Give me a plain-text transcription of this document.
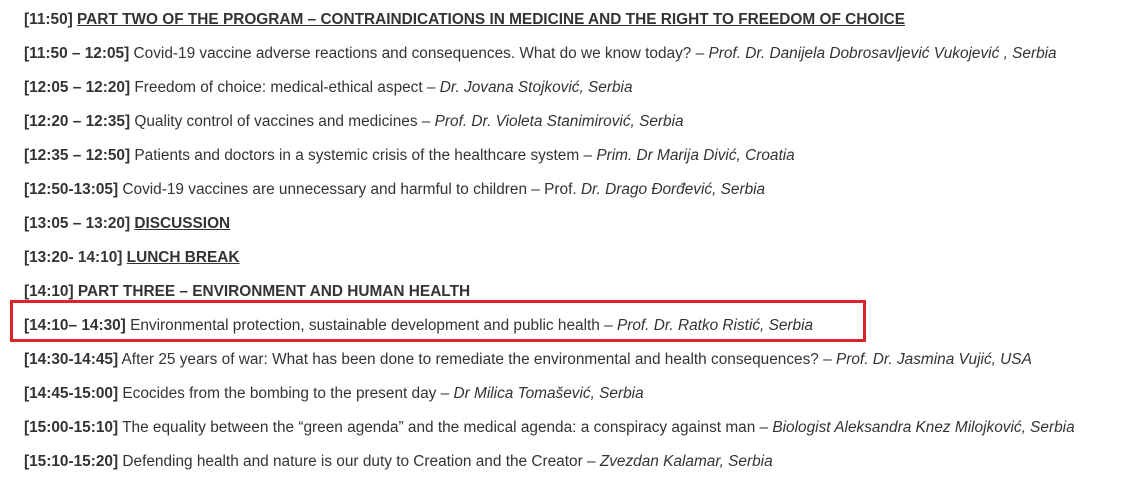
[11:50] PART TWO OF THE PROGRAM – CONTRAINDICATIONS IN MEDICINE AND THE RIGHT TO FREEDOM OF CHOICE
[11:50 – 12:05] Covid-19 vaccine adverse reactions and consequences. What do we know today? – Prof. Dr. Danijela Dobrosavljević Vukojević , Serbia
[12:05 – 12:20] Freedom of choice: medical-ethical aspect – Dr. Jovana Stojković, Serbia
[12:20 – 12:35] Quality control of vaccines and medicines – Prof. Dr. Violeta Stanimirović, Serbia
[12:35 – 12:50] Patients and doctors in a systemic crisis of the healthcare system – Prim. Dr Marija Divić, Croatia
[12:50-13:05] Covid-19 vaccines are unnecessary and harmful to children – Prof. Dr. Drago Đorđević, Serbia
[13:05 – 13:20] DISCUSSION
[13:20- 14:10] LUNCH BREAK
[14:10] PART THREE – ENVIRONMENT AND HUMAN HEALTH
[14:10– 14:30] Environmental protection, sustainable development and public health – Prof. Dr. Ratko Ristić, Serbia
[14:30-14:45] After 25 years of war: What has been done to remediate the environmental and health consequences? – Prof. Dr. Jasmina Vujić, USA
[14:45-15:00] Ecocides from the bombing to the present day – Dr Milica Tomašević, Serbia
[15:00-15:10] The equality between the “green agenda” and the medical agenda: a conspiracy against man – Biologist Aleksandra Knez Milojković, Serbia
[15:10-15:20] Defending health and nature is our duty to Creation and the Creator – Zvezdan Kalamar, Serbia
